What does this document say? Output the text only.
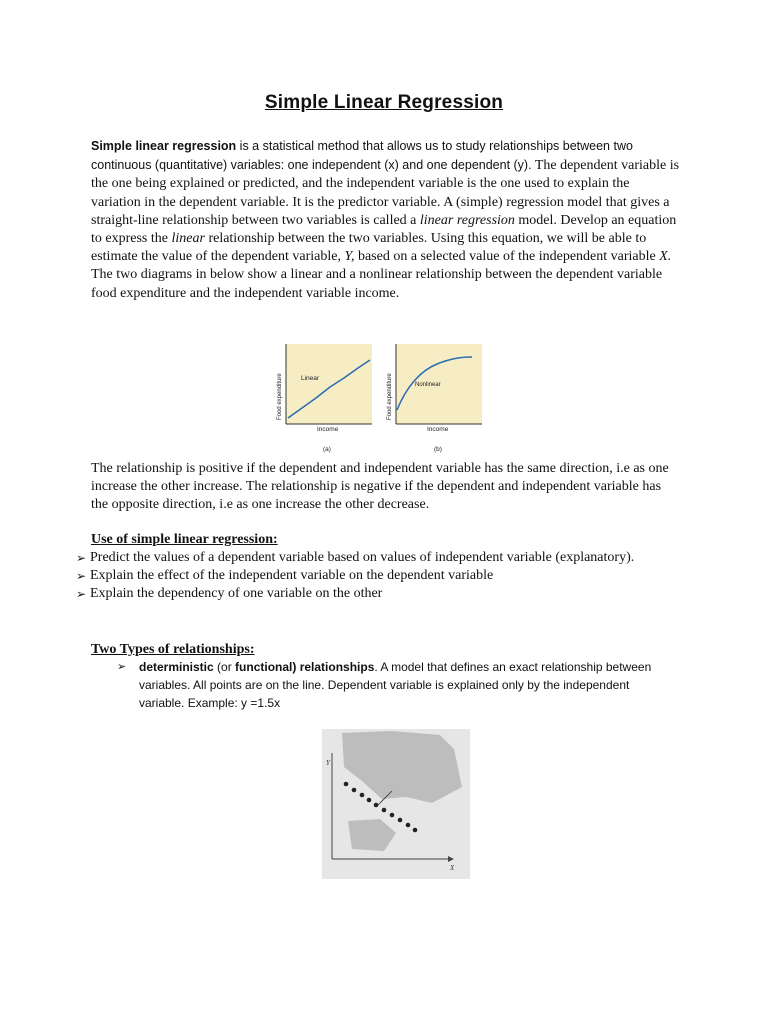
Simple Linear Regression
Simple linear regression is a statistical method that allows us to study relationships between two continuous (quantitative) variables: one independent (x) and one dependent (y). The dependent variable is the one being explained or predicted, and the independent variable is the one used to explain the variation in the dependent variable. It is the predictor variable. A (simple) regression model that gives a straight-line relationship between two variables is called a linear regression model. Develop an equation to express the linear relationship between the two variables. Using this equation, we will be able to estimate the value of the dependent variable, Y, based on a selected value of the independent variable X.
The two diagrams in below show a linear and a nonlinear relationship between the dependent variable food expenditure and the independent variable income.
Linear
Food expenditure
Income
(a)
Nonlinear
Food expenditure
Income
(b)
The relationship is positive if the dependent and independent variable has the same direction, i.e as one increase the other increase. The relationship is negative if the dependent and independent variable has the opposite direction, i.e as one increase the other decrease.
Use of simple linear regression:
➢ Predict the values of a dependent variable based on values of independent variable (explanatory).
➢ Explain the effect of the independent variable on the dependent variable
➢ Explain the dependency of one variable on the other
Two Types of relationships:
➢	deterministic (or functional) relationships. A model that defines an exact relationship between variables. All points are on the line. Dependent variable is explained only by the independent variable. Example: y =1.5x
Y
X
